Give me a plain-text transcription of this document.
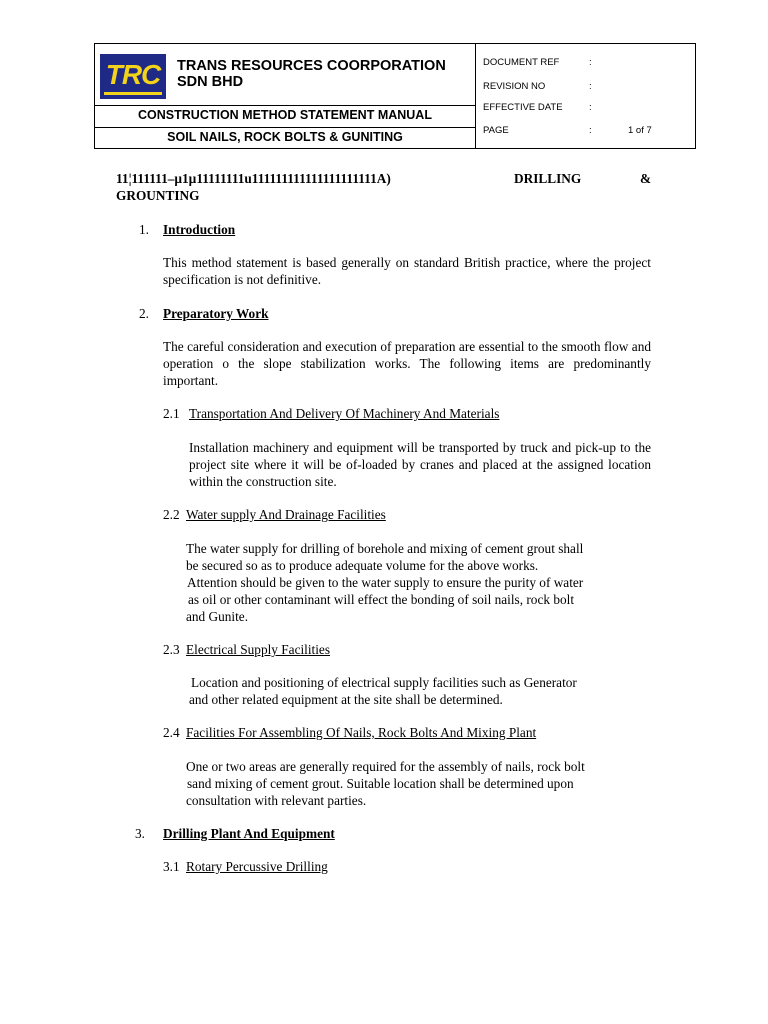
TRC	TRANS RESOURCES COORPORATION
SDN BHD
CONSTRUCTION METHOD STATEMENT MANUAL
SOIL NAILS, ROCK BOLTS & GUNITING
DOCUMENT REF	:
REVISION NO	:
EFFECTIVE DATE	:
PAGE	:	1 of 7
11¦111111–µ1µ11111111u111111111111111111111A)	DRILLING	&
GROUNTING
1. Introduction
This method statement is based generally on standard British practice, where the project specification is not definitive.
2. Preparatory Work
The careful consideration and execution of preparation are essential to the smooth flow and operation o the slope stabilization works. The following items are predominantly important.
2.1 Transportation And Delivery Of Machinery And Materials
Installation machinery and equipment will be transported by truck and pick-up to the project site where it will be of-loaded by cranes and placed at the assigned location within the construction site.
2.2 Water supply And Drainage Facilities
The water supply for drilling of borehole and mixing of cement grout shall
be secured so as to produce adequate volume for the above works.
Attention should be given to the water supply to ensure the purity of water
as oil or other contaminant will effect the bonding of soil nails, rock bolt
and Gunite.
2.3 Electrical Supply Facilities
Location and positioning of electrical supply facilities such as Generator
and other related equipment at the site shall be determined.
2.4 Facilities For Assembling Of Nails, Rock Bolts And Mixing Plant
One or two areas are generally required for the assembly of nails, rock bolt
sand mixing of cement grout. Suitable location shall be determined upon
consultation with relevant parties.
3. Drilling Plant And Equipment
3.1 Rotary Percussive Drilling
